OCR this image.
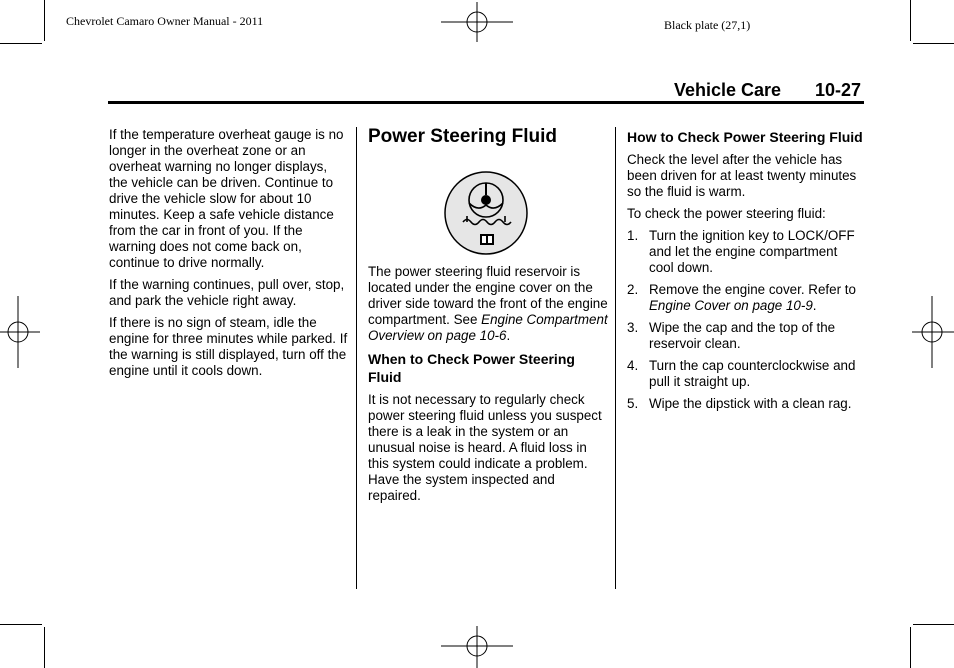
Chevrolet Camaro Owner Manual - 2011	Black plate (27,1)
Vehicle Care 10-27

If the temperature overheat gauge is no longer in the overheat zone or an overheat warning no longer displays, the vehicle can be driven. Continue to drive the vehicle slow for about 10 minutes. Keep a safe vehicle distance from the car in front of you. If the warning does not come back on, continue to drive normally.

If the warning continues, pull over, stop, and park the vehicle right away.

If there is no sign of steam, idle the engine for three minutes while parked. If the warning is still displayed, turn off the engine until it cools down.

Power Steering Fluid

The power steering fluid reservoir is located under the engine cover on the driver side toward the front of the engine compartment. See Engine Compartment Overview on page 10-6.

When to Check Power Steering Fluid

It is not necessary to regularly check power steering fluid unless you suspect there is a leak in the system or an unusual noise is heard. A fluid loss in this system could indicate a problem. Have the system inspected and repaired.

How to Check Power Steering Fluid

Check the level after the vehicle has been driven for at least twenty minutes so the fluid is warm.

To check the power steering fluid:

1. Turn the ignition key to LOCK/OFF and let the engine compartment cool down.
2. Remove the engine cover. Refer to Engine Cover on page 10-9.
3. Wipe the cap and the top of the reservoir clean.
4. Turn the cap counterclockwise and pull it straight up.
5. Wipe the dipstick with a clean rag.
